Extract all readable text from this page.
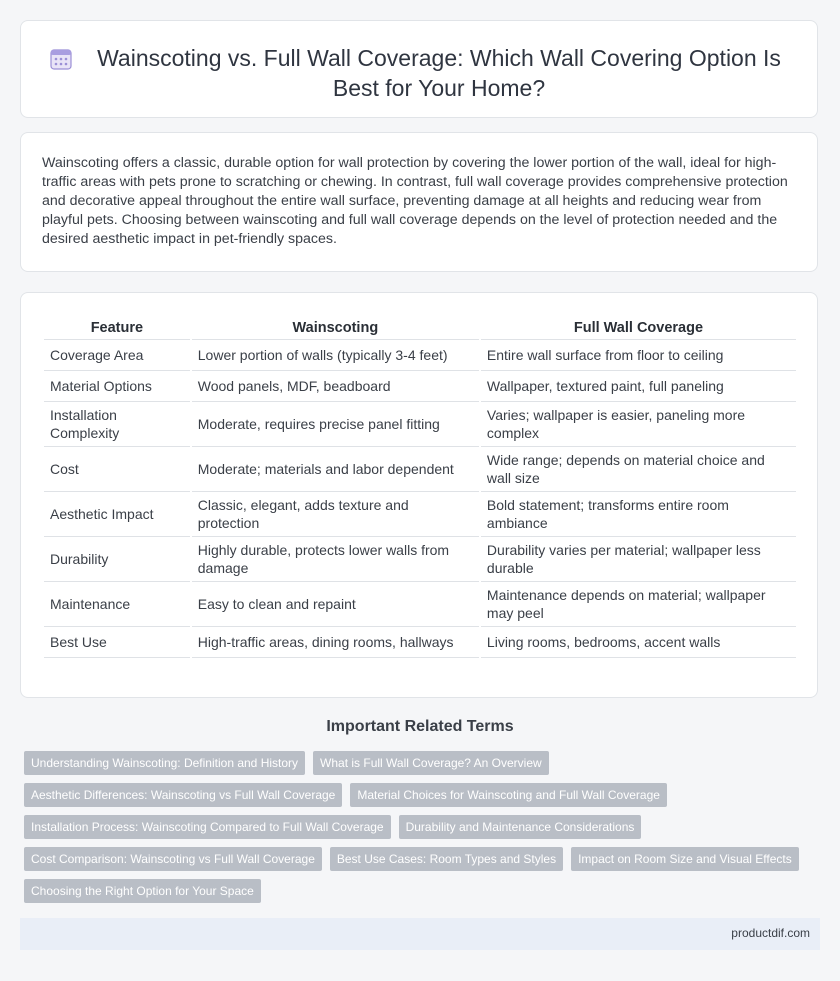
Wainscoting vs. Full Wall Coverage: Which Wall Covering Option Is Best for Your Home?

Wainscoting offers a classic, durable option for wall protection by covering the lower portion of the wall, ideal for high-traffic areas with pets prone to scratching or chewing. In contrast, full wall coverage provides comprehensive protection and decorative appeal throughout the entire wall surface, preventing damage at all heights and reducing wear from playful pets. Choosing between wainscoting and full wall coverage depends on the level of protection needed and the desired aesthetic impact in pet-friendly spaces.

Feature	Wainscoting	Full Wall Coverage
Coverage Area	Lower portion of walls (typically 3-4 feet)	Entire wall surface from floor to ceiling
Material Options	Wood panels, MDF, beadboard	Wallpaper, textured paint, full paneling
Installation Complexity	Moderate, requires precise panel fitting	Varies; wallpaper is easier, paneling more complex
Cost	Moderate; materials and labor dependent	Wide range; depends on material choice and wall size
Aesthetic Impact	Classic, elegant, adds texture and protection	Bold statement; transforms entire room ambiance
Durability	Highly durable, protects lower walls from damage	Durability varies per material; wallpaper less durable
Maintenance	Easy to clean and repaint	Maintenance depends on material; wallpaper may peel
Best Use	High-traffic areas, dining rooms, hallways	Living rooms, bedrooms, accent walls
Important Related Terms
Understanding Wainscoting: Definition and History What is Full Wall Coverage? An Overview
Aesthetic Differences: Wainscoting vs Full Wall Coverage Material Choices for Wainscoting and Full Wall Coverage
Installation Process: Wainscoting Compared to Full Wall Coverage Durability and Maintenance Considerations
Cost Comparison: Wainscoting vs Full Wall Coverage Best Use Cases: Room Types and Styles Impact on Room Size and Visual Effects
Choosing the Right Option for Your Space
productdif.com
